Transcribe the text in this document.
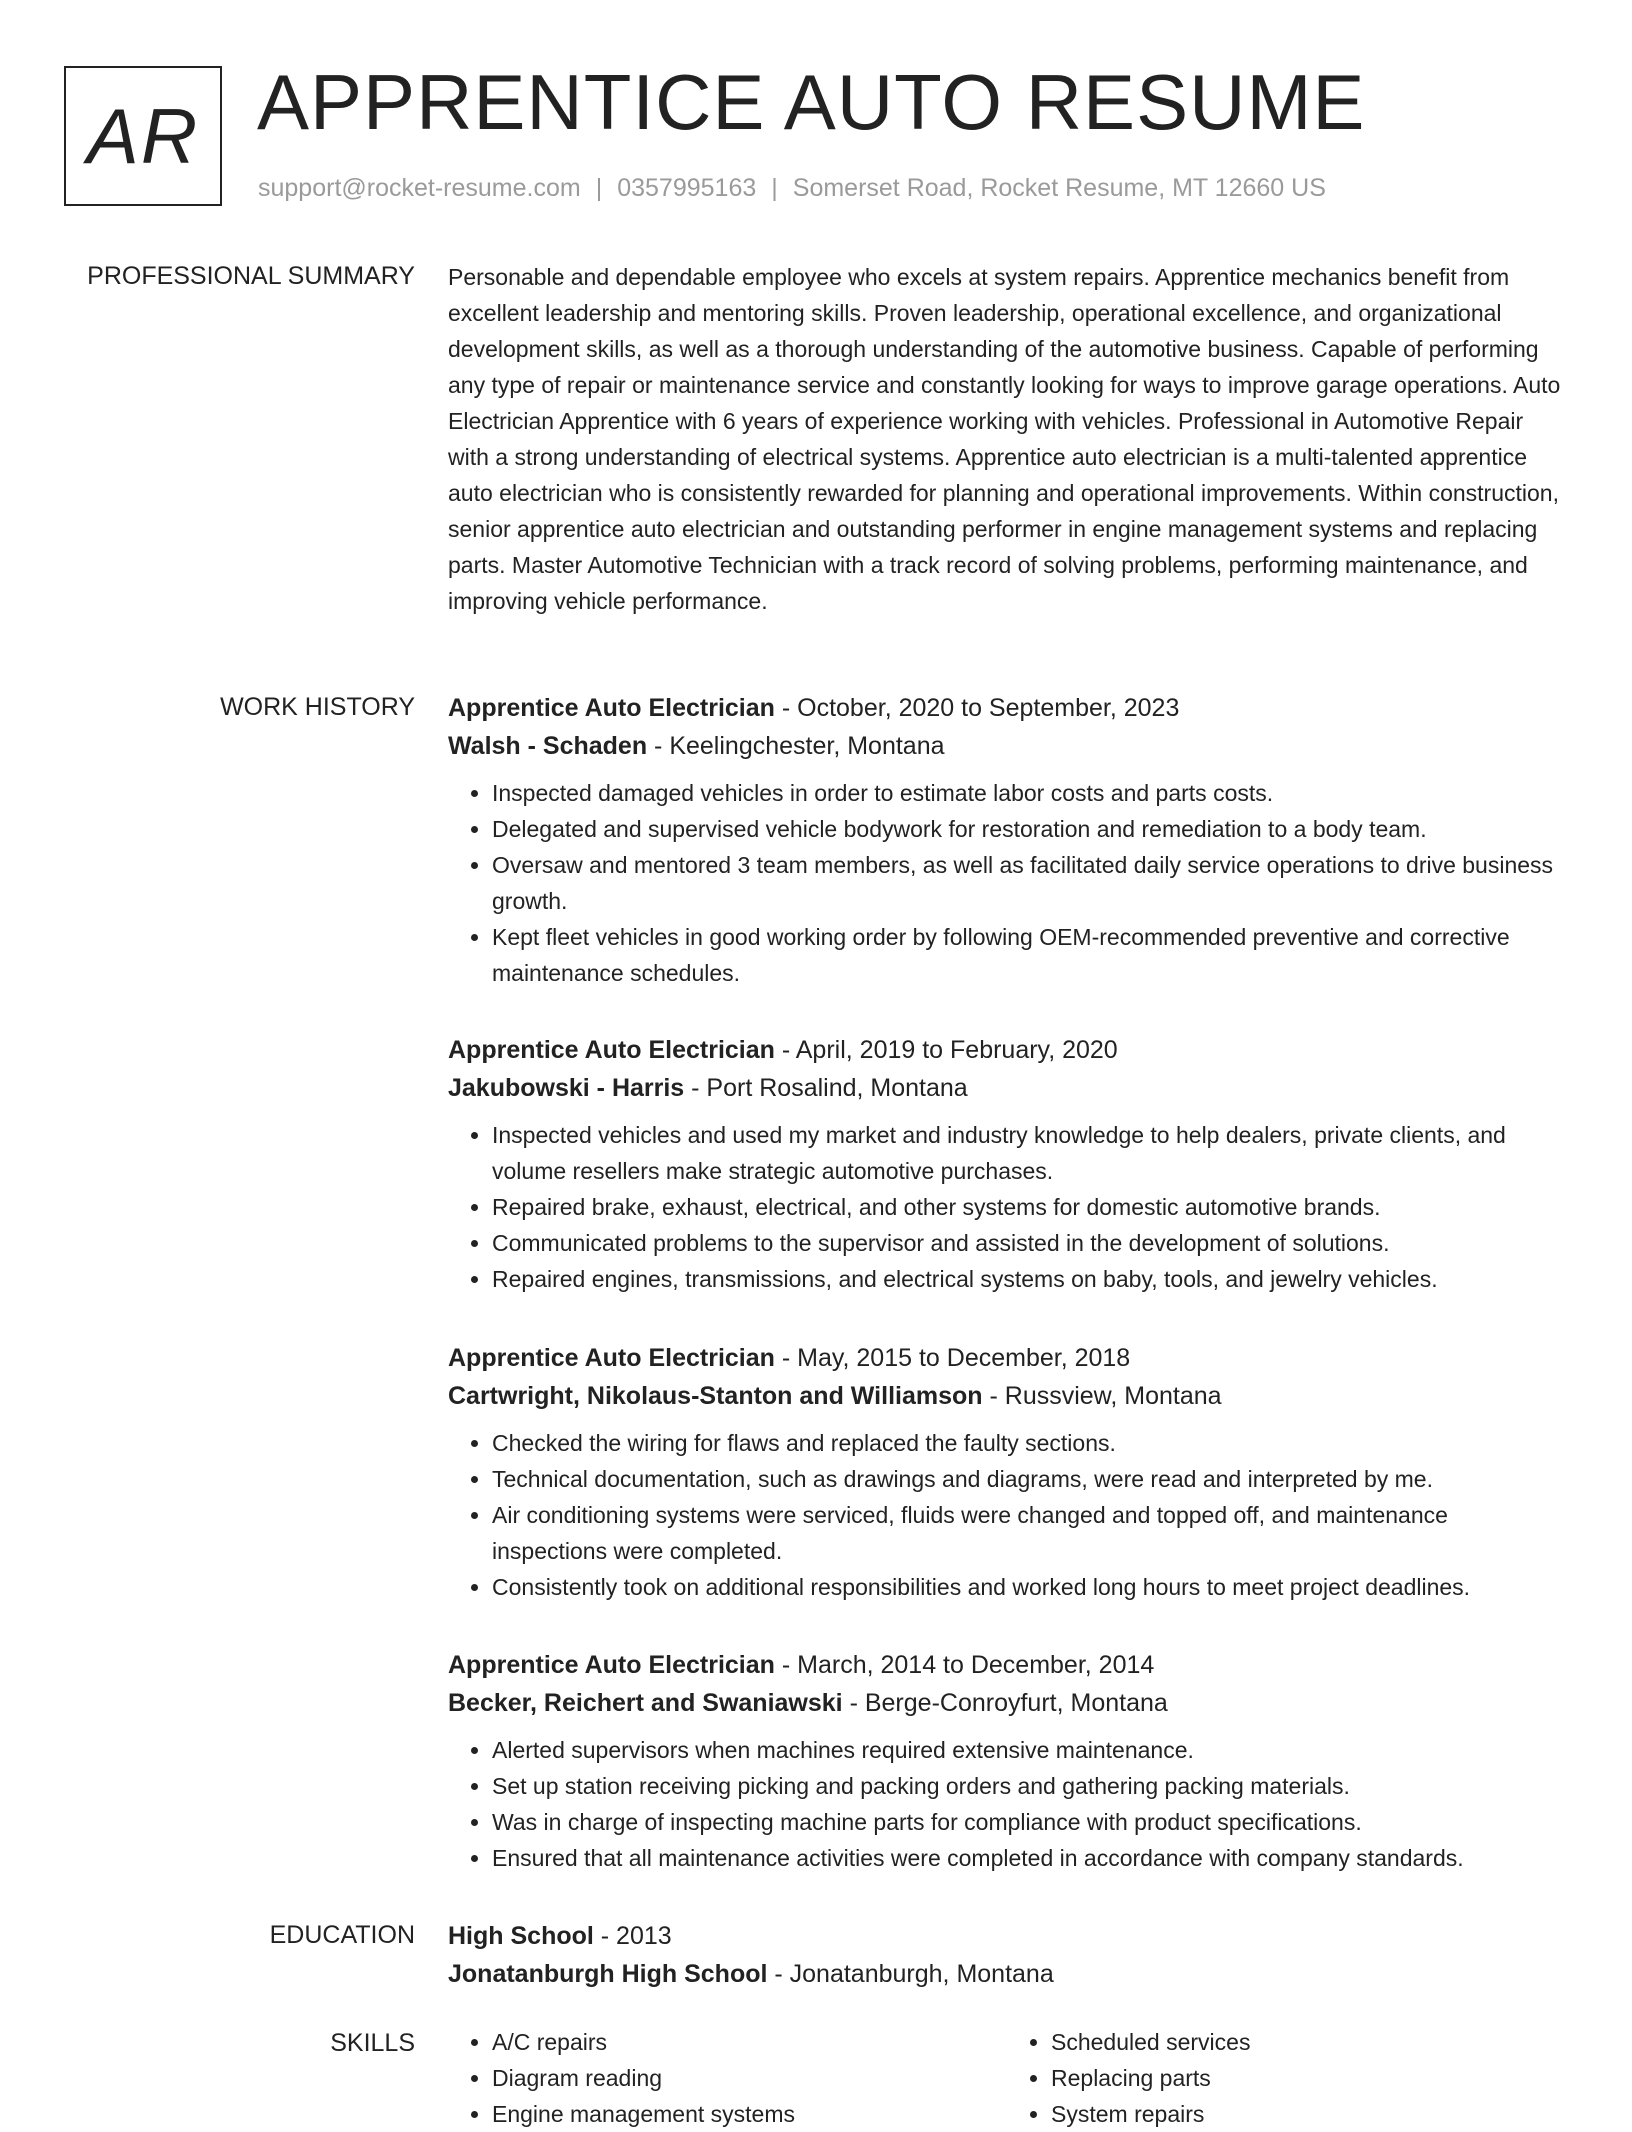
AR APPRENTICE AUTO RESUME
support@rocket-resume.com | 0357995163 | Somerset Road, Rocket Resume, MT 12660 US
PROFESSIONAL SUMMARY Personable and dependable employee who excels at system repairs. Apprentice mechanics benefit from excellent leadership and mentoring skills. Proven leadership, operational excellence, and organizational development skills, as well as a thorough understanding of the automotive business. Capable of performing any type of repair or maintenance service and constantly looking for ways to improve garage operations. Auto Electrician Apprentice with 6 years of experience working with vehicles. Professional in Automotive Repair with a strong understanding of electrical systems. Apprentice auto electrician is a multi-talented apprentice auto electrician who is consistently rewarded for planning and operational improvements. Within construction, senior apprentice auto electrician and outstanding performer in engine management systems and replacing parts. Master Automotive Technician with a track record of solving problems, performing maintenance, and improving vehicle performance.

WORK HISTORY Apprentice Auto Electrician - October, 2020 to September, 2023
Walsh - Schaden - Keelingchester, Montana
• Inspected damaged vehicles in order to estimate labor costs and parts costs.
• Delegated and supervised vehicle bodywork for restoration and remediation to a body team.
• Oversaw and mentored 3 team members, as well as facilitated daily service operations to drive business growth.
• Kept fleet vehicles in good working order by following OEM-recommended preventive and corrective maintenance schedules.
Apprentice Auto Electrician - April, 2019 to February, 2020
Jakubowski - Harris - Port Rosalind, Montana
• Inspected vehicles and used my market and industry knowledge to help dealers, private clients, and volume resellers make strategic automotive purchases.
• Repaired brake, exhaust, electrical, and other systems for domestic automotive brands.
• Communicated problems to the supervisor and assisted in the development of solutions.
• Repaired engines, transmissions, and electrical systems on baby, tools, and jewelry vehicles.
Apprentice Auto Electrician - May, 2015 to December, 2018
Cartwright, Nikolaus-Stanton and Williamson - Russview, Montana
• Checked the wiring for flaws and replaced the faulty sections.
• Technical documentation, such as drawings and diagrams, were read and interpreted by me.
• Air conditioning systems were serviced, fluids were changed and topped off, and maintenance inspections were completed.
• Consistently took on additional responsibilities and worked long hours to meet project deadlines.
Apprentice Auto Electrician - March, 2014 to December, 2014
Becker, Reichert and Swaniawski - Berge-Conroyfurt, Montana
• Alerted supervisors when machines required extensive maintenance.
• Set up station receiving picking and packing orders and gathering packing materials.
• Was in charge of inspecting machine parts for compliance with product specifications.
• Ensured that all maintenance activities were completed in accordance with company standards.
EDUCATION High School - 2013
Jonatanburgh High School - Jonatanburgh, Montana
SKILLS
•	A/C repairs
• Diagram reading
• Engine management systems
• Scheduled services
• Replacing parts
• System repairs
